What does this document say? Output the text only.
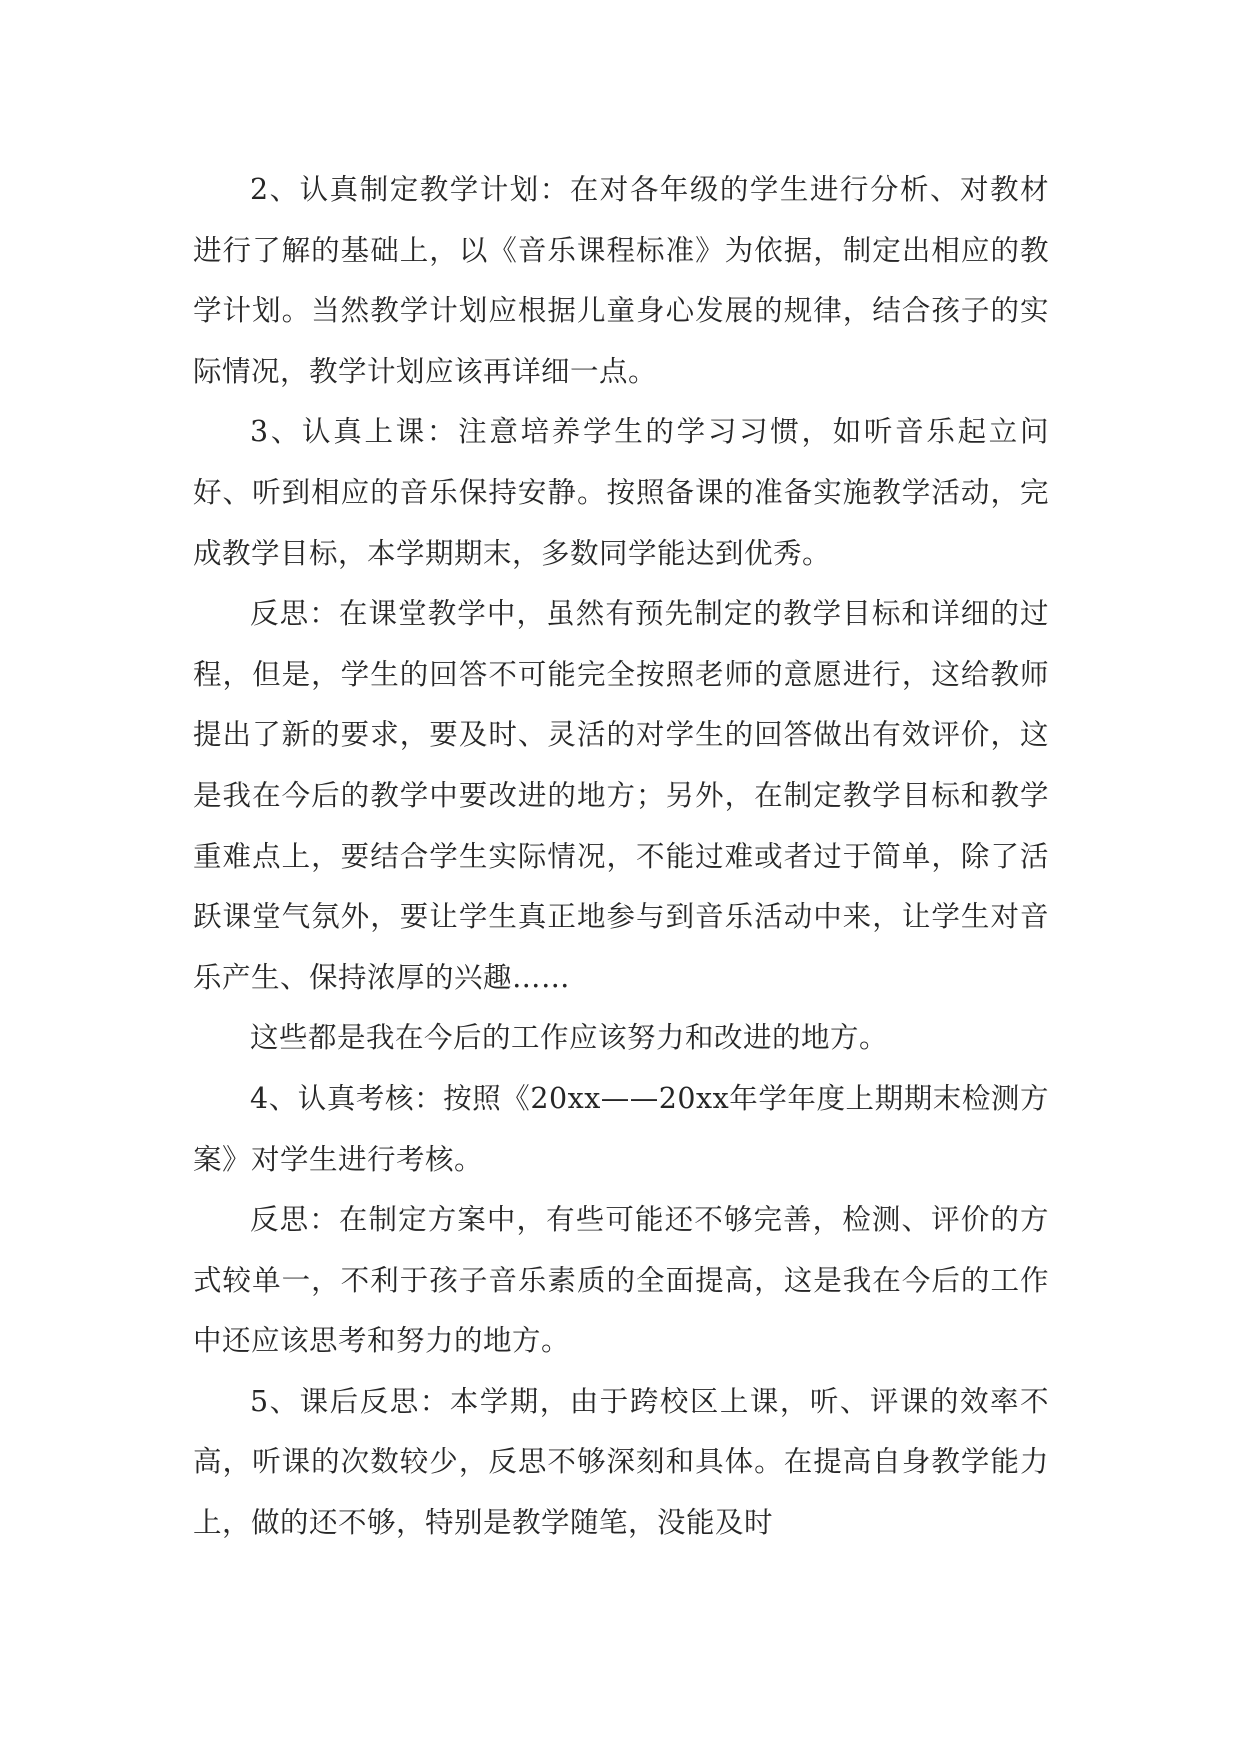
2、认真制定教学计划：在对各年级的学生进行分析、对教材进行了解的基础上，以《音乐课程标准》为依据，制定出相应的教学计划。当然教学计划应根据儿童身心发展的规律，结合孩子的实际情况，教学计划应该再详细一点。

3、认真上课：注意培养学生的学习习惯，如听音乐起立问好、听到相应的音乐保持安静。按照备课的准备实施教学活动，完成教学目标，本学期期末，多数同学能达到优秀。

反思：在课堂教学中，虽然有预先制定的教学目标和详细的过程，但是，学生的回答不可能完全按照老师的意愿进行，这给教师提出了新的要求，要及时、灵活的对学生的回答做出有效评价，这是我在今后的教学中要改进的地方；另外，在制定教学目标和教学重难点上，要结合学生实际情况，不能过难或者过于简单，除了活跃课堂气氛外，要让学生真正地参与到音乐活动中来，让学生对音乐产生、保持浓厚的兴趣……

这些都是我在今后的工作应该努力和改进的地方。

4、认真考核：按照《20xx——20xx年学年度上期期末检测方案》对学生进行考核。

反思：在制定方案中，有些可能还不够完善，检测、评价的方式较单一，不利于孩子音乐素质的全面提高，这是我在今后的工作中还应该思考和努力的地方。

5、课后反思：本学期，由于跨校区上课，听、评课的效率不高，听课的次数较少，反思不够深刻和具体。在提高自身教学能力上，做的还不够，特别是教学随笔，没能及时
